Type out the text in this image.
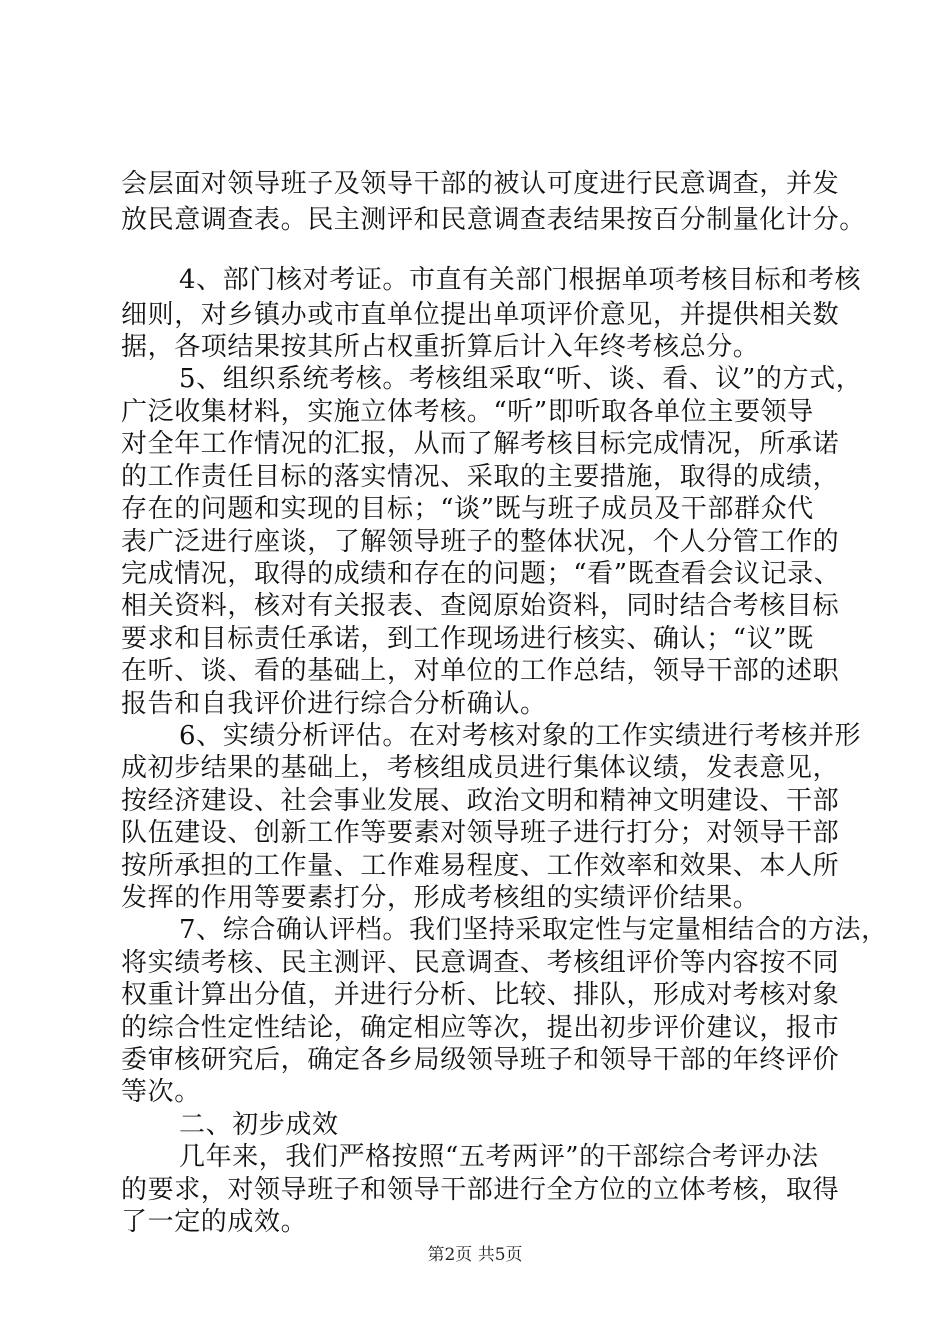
会层面对领导班子及领导干部的被认可度进行民意调查，并发
放民意调查表。民主测评和民意调查表结果按百分制量化计分。
4、部门核对考证。市直有关部门根据单项考核目标和考核
细则，对乡镇办或市直单位提出单项评价意见，并提供相关数
据，各项结果按其所占权重折算后计入年终考核总分。
5、组织系统考核。考核组采取“听、谈、看、议”的方式，
广泛收集材料，实施立体考核。“听”即听取各单位主要领导
对全年工作情况的汇报，从而了解考核目标完成情况，所承诺
的工作责任目标的落实情况、采取的主要措施，取得的成绩，
存在的问题和实现的目标；“谈”既与班子成员及干部群众代
表广泛进行座谈，了解领导班子的整体状况，个人分管工作的
完成情况，取得的成绩和存在的问题；“看”既查看会议记录、
相关资料，核对有关报表、查阅原始资料，同时结合考核目标
要求和目标责任承诺，到工作现场进行核实、确认；“议”既
在听、谈、看的基础上，对单位的工作总结，领导干部的述职
报告和自我评价进行综合分析确认。
6、实绩分析评估。在对考核对象的工作实绩进行考核并形
成初步结果的基础上，考核组成员进行集体议绩，发表意见，
按经济建设、社会事业发展、政治文明和精神文明建设、干部
队伍建设、创新工作等要素对领导班子进行打分；对领导干部
按所承担的工作量、工作难易程度、工作效率和效果、本人所
发挥的作用等要素打分，形成考核组的实绩评价结果。
7、综合确认评档。我们坚持采取定性与定量相结合的方法，
将实绩考核、民主测评、民意调查、考核组评价等内容按不同
权重计算出分值，并进行分析、比较、排队，形成对考核对象
的综合性定性结论，确定相应等次，提出初步评价建议，报市
委审核研究后，确定各乡局级领导班子和领导干部的年终评价
等次。
二、初步成效
几年来，我们严格按照“五考两评”的干部综合考评办法
的要求，对领导班子和领导干部进行全方位的立体考核，取得
了一定的成效。
第2页 共5页
